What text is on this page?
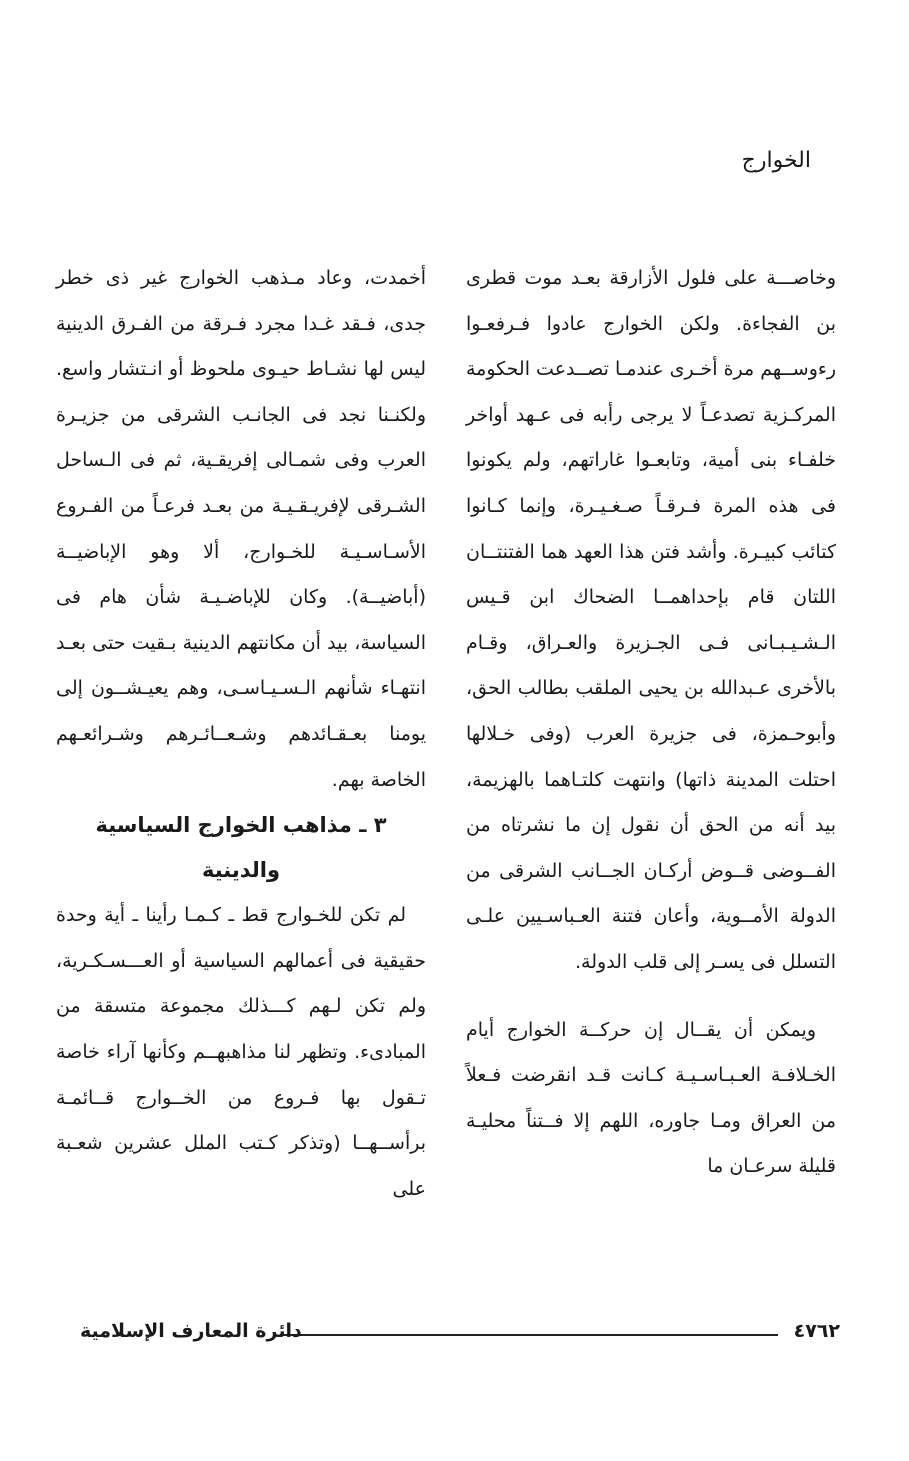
الخوارج

وخاصـــة على فلول الأزارقة بعـد موت قطرى بن الفجاءة. ولكن الخوارج عادوا فـرفعـوا رءوســهم مرة أخـرى عندمـا تصــدعت الحكومة المركـزية تصدعـاً لا يرجى رأبه فى عـهد أواخر خلفـاء بنى أمية، وتابعـوا غاراتهم، ولم يكونوا فى هذه المرة فـرقـاً صـغـيـرة، وإنما كـانوا كتائب كبيـرة. وأشد فتن هذا العهد هما الفتنتــان اللتان قام بإحداهمــا الضحاك ابن قـيس الـشـيـبـانى فـى الجـزيرة والعـراق، وقـام بالأخرى عـبدالله بن يحيى الملقب بطالب الحق، وأبوحـمزة، فى جزيرة العرب (وفى خـلالها احتلت المدينة ذاتها) وانتهت كلتـاهما بالهزيمة، بيد أنه من الحق أن نقول إن ما نشرتاه من الفــوضى قــوض أركـان الجــانب الشرقى من الدولة الأمــوية، وأعان فتنة العـباسـيين علـى التسلل فى يسـر إلى قلب الدولة.

ويمكن أن يقــال إن حركــة الخوارج أيام الخـلافـة العـبـاسـيـة كـانت قـد انقرضت فـعلاً من العراق ومـا جاوره، اللهم إلا فــتناً محليـة قليلة سرعـان ما

أخمدت، وعاد مـذهب الخوارج غير ذى خطر جدى، فـقد غـدا مجرد فـرقة من الفـرق الدينية ليس لها نشـاط حيـوى ملحوظ أو انـتشار واسع. ولكنـنا نجد فى الجانـب الشرقى من جزيـرة العرب وفى شمـالى إفريقـية، ثم فى الـساحل الشـرقى لإفريـقـيـة من بعـد فرعـاً من الفـروع الأسـاسـيـة للخـوارج، ألا وهو الإباضيــة (أباضيــة). وكان للإباضـيـة شأن هام فى السياسة، بيد أن مكانتهم الدينية بـقيت حتى بعـد انتهـاء شأنهم الـسـيـاسـى، وهم يعيـشــون إلى يومنا بعـقـائدهم وشـعــائـرهم وشـرائعـهم الخاصة بهم.

٣ ـ مذاهب الخوارج السياسية
والدينية

لم تكن للخـوارج قط ـ كـمـا رأينا ـ أية وحدة حقيقية فى أعمالهم السياسية أو العـــسـكـرية، ولم تكن لـهم كـــذلك مجموعة متسقة من المبادىء. وتظهر لنا مذاهبهــم وكأنها آراء خاصة تـقول بها فـروع من الخــوارج قــائمـة برأســهــا (وتذكر كـتب الملل عشرين شعـبة على

٤٧٦٢
دائرة المعارف الإسلامية
